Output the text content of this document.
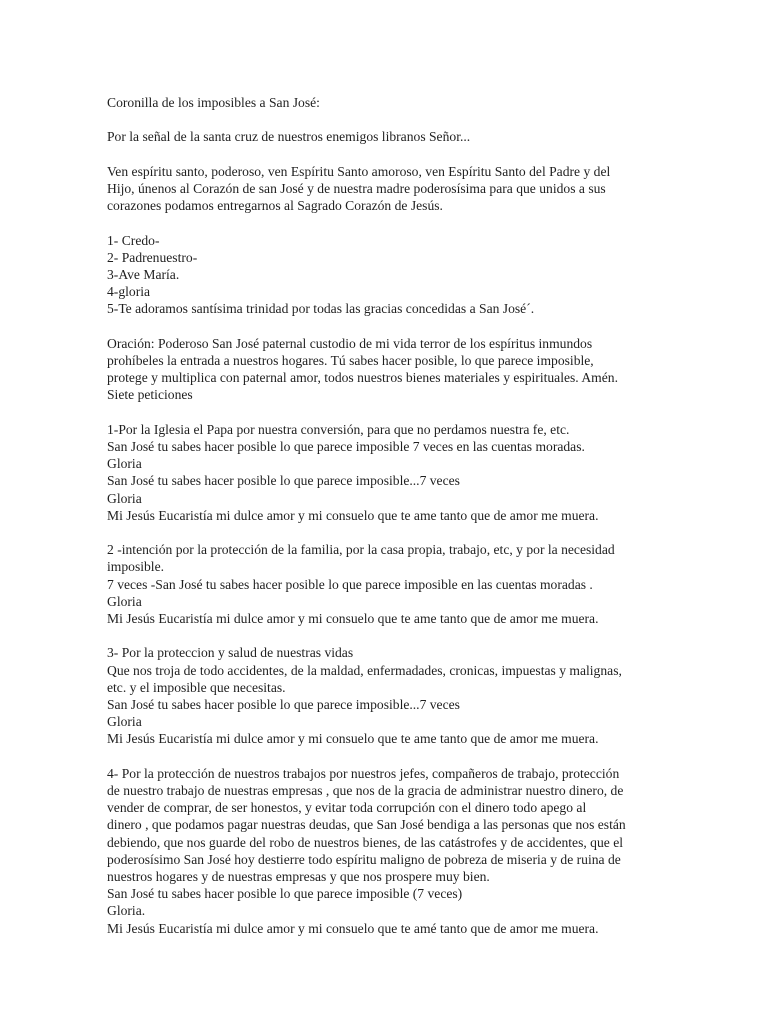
Coronilla de los imposibles a San José:

Por la señal de la santa cruz de nuestros enemigos libranos Señor...

Ven espíritu santo, poderoso, ven Espíritu Santo amoroso, ven Espíritu Santo del Padre y del
Hijo, únenos al Corazón de san José y de nuestra madre poderosísima para que unidos a sus
corazones podamos entregarnos al Sagrado Corazón de Jesús.

1- Credo-
2- Padrenuestro-
3-Ave María.
4-gloria
5-Te adoramos santísima trinidad por todas las gracias concedidas a San José´.

Oración: Poderoso San José paternal custodio de mi vida terror de los espíritus inmundos
prohíbeles la entrada a nuestros hogares. Tú sabes hacer posible, lo que parece imposible,
protege y multiplica con paternal amor, todos nuestros bienes materiales y espirituales. Amén.
Siete peticiones

1-Por la Iglesia el Papa por nuestra conversión, para que no perdamos nuestra fe, etc.
San José tu sabes hacer posible lo que parece imposible 7 veces en las cuentas moradas.
Gloria
San José tu sabes hacer posible lo que parece imposible...7 veces
Gloria
Mi Jesús Eucaristía mi dulce amor y mi consuelo que te ame tanto que de amor me muera.

2 -intención por la protección de la familia, por la casa propia, trabajo, etc, y por la necesidad
imposible.
7 veces -San José tu sabes hacer posible lo que parece imposible en las cuentas moradas .
Gloria
Mi Jesús Eucaristía mi dulce amor y mi consuelo que te ame tanto que de amor me muera.

3- Por la proteccion y salud de nuestras vidas
Que nos troja de todo accidentes, de la maldad, enfermadades, cronicas, impuestas y malignas,
etc. y el imposible que necesitas.
San José tu sabes hacer posible lo que parece imposible...7 veces
Gloria
Mi Jesús Eucaristía mi dulce amor y mi consuelo que te ame tanto que de amor me muera.

4- Por la protección de nuestros trabajos por nuestros jefes, compañeros de trabajo, protección
de nuestro trabajo de nuestras empresas , que nos de la gracia de administrar nuestro dinero, de
vender de comprar, de ser honestos, y evitar toda corrupción con el dinero todo apego al
dinero , que podamos pagar nuestras deudas, que San José bendiga a las personas que nos están
debiendo, que nos guarde del robo de nuestros bienes, de las catástrofes y de accidentes, que el
poderosísimo San José hoy destierre todo espíritu maligno de pobreza de miseria y de ruina de
nuestros hogares y de nuestras empresas y que nos prospere muy bien.
San José tu sabes hacer posible lo que parece imposible (7 veces)
Gloria.
Mi Jesús Eucaristía mi dulce amor y mi consuelo que te amé tanto que de amor me muera.
